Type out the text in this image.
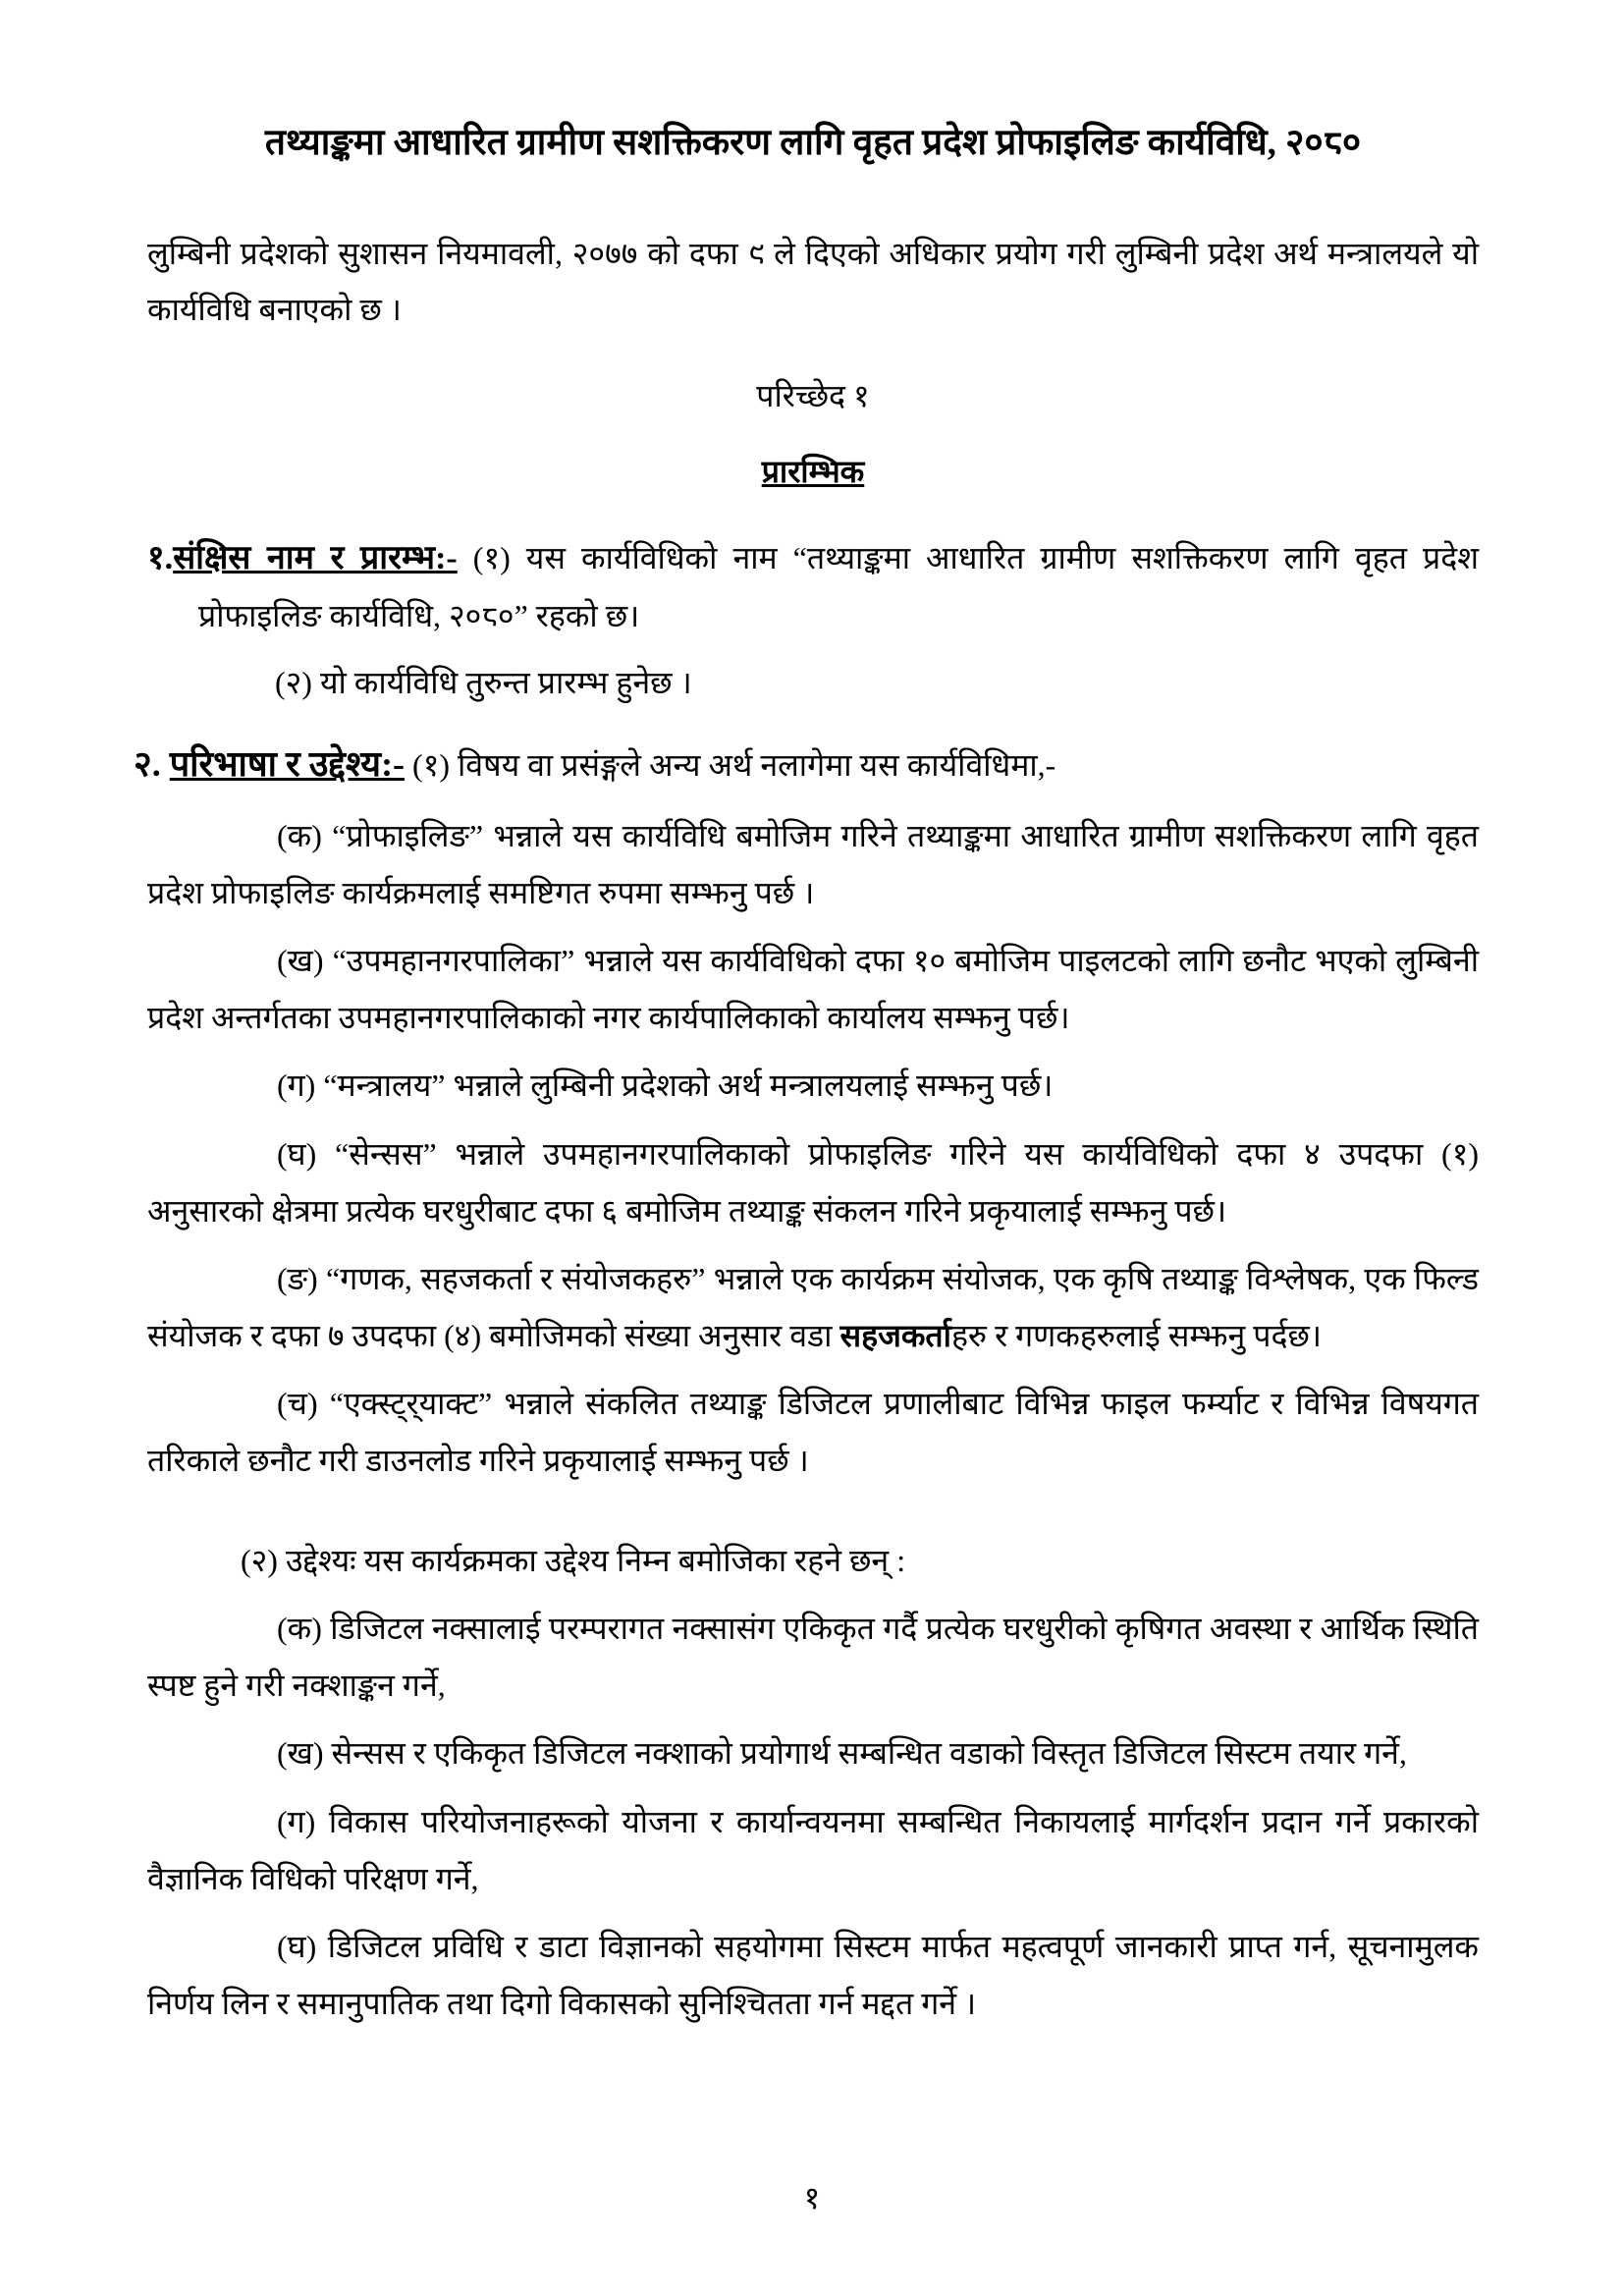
तथ्याङ्कमा आधारित ग्रामीण सशक्तिकरण लागि वृहत प्रदेश प्रोफाइलिङ कार्यविधि, २०८०

लुम्बिनी प्रदेशको सुशासन नियमावली, २०७७ को दफा ९ ले दिएको अधिकार प्रयोग गरी लुम्बिनी प्रदेश अर्थ मन्त्रालयले यो कार्यविधि बनाएको छ ।

परिच्छेद १
प्रारम्भिक

१.संक्षिस नाम र प्रारम्भ:- (१) यस कार्यविधिको नाम “तथ्याङ्कमा आधारित ग्रामीण सशक्तिकरण लागि वृहत प्रदेश प्रोफाइलिङ कार्यविधि, २०८०” रहको छ।

(२) यो कार्यविधि तुरुन्त प्रारम्भ हुनेछ ।

२. परिभाषा र उद्देश्य:- (१) विषय वा प्रसंङ्गले अन्य अर्थ नलागेमा यस कार्यविधिमा,-

(क) “प्रोफाइलिङ” भन्नाले यस कार्यविधि बमोजिम गरिने तथ्याङ्कमा आधारित ग्रामीण सशक्तिकरण लागि वृहत प्रदेश प्रोफाइलिङ कार्यक्रमलाई समष्टिगत रुपमा सम्झनु पर्छ ।

(ख) “उपमहानगरपालिका” भन्नाले यस कार्यविधिको दफा १० बमोजिम पाइलटको लागि छनौट भएको लुम्बिनी प्रदेश अन्तर्गतका उपमहानगरपालिकाको नगर कार्यपालिकाको कार्यालय सम्झनु पर्छ।

(ग) “मन्त्रालय” भन्नाले लुम्बिनी प्रदेशको अर्थ मन्त्रालयलाई सम्झनु पर्छ।

(घ) “सेन्सस” भन्नाले उपमहानगरपालिकाको प्रोफाइलिङ गरिने यस कार्यविधिको दफा ४ उपदफा (१) अनुसारको क्षेत्रमा प्रत्येक घरधुरीबाट दफा ६ बमोजिम तथ्याङ्क संकलन गरिने प्रकृयालाई सम्झनु पर्छ।

(ङ) “गणक, सहजकर्ता र संयोजकहरु” भन्नाले एक कार्यक्रम संयोजक, एक कृषि तथ्याङ्क विश्लेषक, एक फिल्ड संयोजक र दफा ७ उपदफा (४) बमोजिमको संख्या अनुसार वडा सहजकर्ताहरु र गणकहरुलाई सम्झनु पर्दछ।

(च) “एक्स्ट्र्याक्ट” भन्नाले संकलित तथ्याङ्क डिजिटल प्रणालीबाट विभिन्न फाइल फर्म्याट र विभिन्न विषयगत तरिकाले छनौट गरी डाउनलोड गरिने प्रकृयालाई सम्झनु पर्छ ।

(२) उद्देश्यः यस कार्यक्रमका उद्देश्य निम्न बमोजिका रहने छन् :

(क) डिजिटल नक्सालाई परम्परागत नक्सासंग एकिकृत गर्दै प्रत्येक घरधुरीको कृषिगत अवस्था र आर्थिक स्थिति स्पष्ट हुने गरी नक्शाङ्कन गर्ने,

(ख) सेन्सस र एकिकृत डिजिटल नक्शाको प्रयोगार्थ सम्बन्धित वडाको विस्तृत डिजिटल सिस्टम तयार गर्ने,

(ग) विकास परियोजनाहरूको योजना र कार्यान्वयनमा सम्बन्धित निकायलाई मार्गदर्शन प्रदान गर्ने प्रकारको वैज्ञानिक विधिको परिक्षण गर्ने,

(घ) डिजिटल प्रविधि र डाटा विज्ञानको सहयोगमा सिस्टम मार्फत महत्वपूर्ण जानकारी प्राप्त गर्न, सूचनामुलक निर्णय लिन र समानुपातिक तथा दिगो विकासको सुनिश्चितता गर्न मद्दत गर्ने ।

१
